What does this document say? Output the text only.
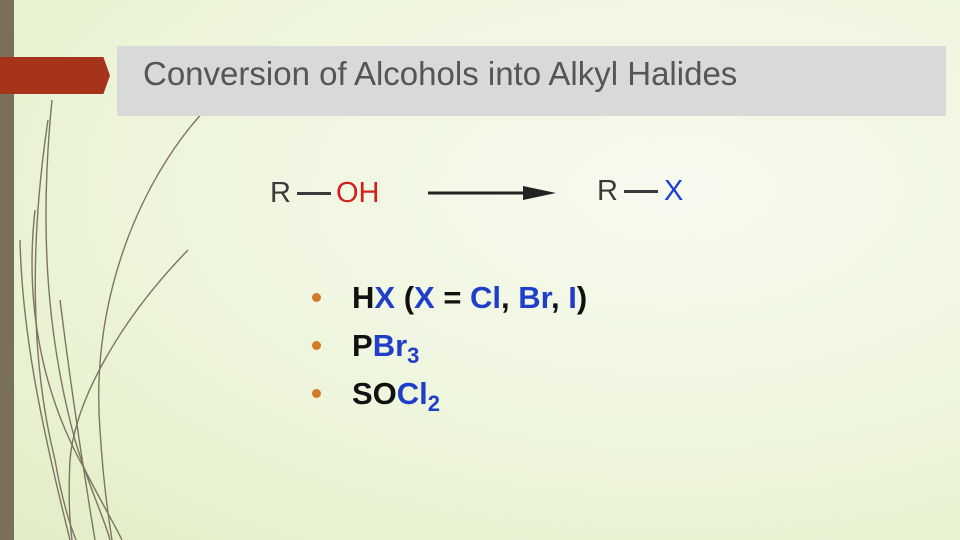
Conversion of Alcohols into Alkyl Halides
R OH	R X
HX (X = Cl, Br, I)
PBr$_3$
SOCl$_2$
